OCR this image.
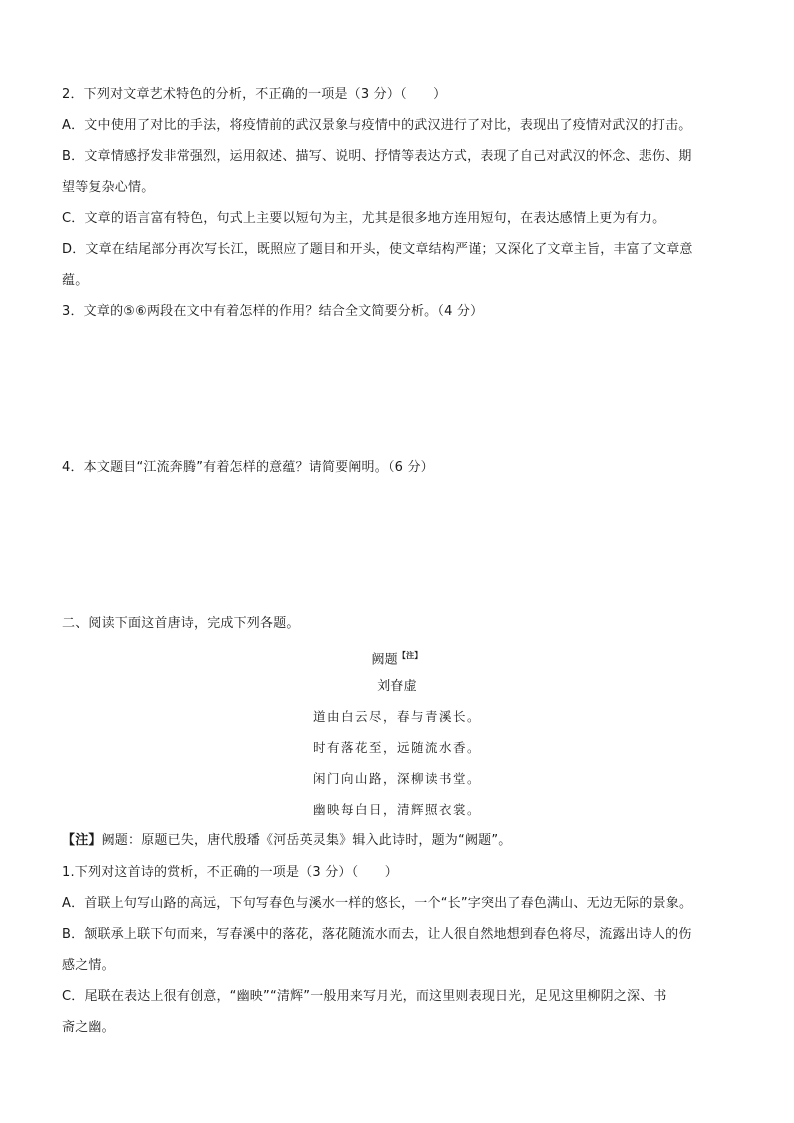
2．下列对文章艺术特色的分析，不正确的一项是（3 分）（　　）
A．文中使用了对比的手法，将疫情前的武汉景象与疫情中的武汉进行了对比，表现出了疫情对武汉的打击。
B．文章情感抒发非常强烈，运用叙述、描写、说明、抒情等表达方式，表现了自己对武汉的怀念、悲伤、期
望等复杂心情。
C．文章的语言富有特色，句式上主要以短句为主，尤其是很多地方连用短句，在表达感情上更为有力。
D．文章在结尾部分再次写长江，既照应了题目和开头，使文章结构严谨；又深化了文章主旨，丰富了文章意
蕴。
3．文章的⑤⑥两段在文中有着怎样的作用？结合全文简要分析。（4 分）
4．本文题目“江流奔腾”有着怎样的意蕴？请简要阐明。（6 分）
二、阅读下面这首唐诗，完成下列各题。
阙题$^{【注】}$
刘眘虚
道由白云尽，春与青溪长。
时有落花至，远随流水香。
闲门向山路，深柳读书堂。
幽映每白日，清辉照衣裳。
【注】阙题：原题已失，唐代殷璠《河岳英灵集》辑入此诗时，题为“阙题”。
1.下列对这首诗的赏析，不正确的一项是（3 分）（　　）
A．首联上句写山路的高远，下句写春色与溪水一样的悠长，一个“长”字突出了春色满山、无边无际的景象。
B．颔联承上联下句而来，写春溪中的落花，落花随流水而去，让人很自然地想到春色将尽，流露出诗人的伤
感之情。
C．尾联在表达上很有创意，“幽映”“清辉”一般用来写月光，而这里则表现日光，足见这里柳阴之深、书
斋之幽。
